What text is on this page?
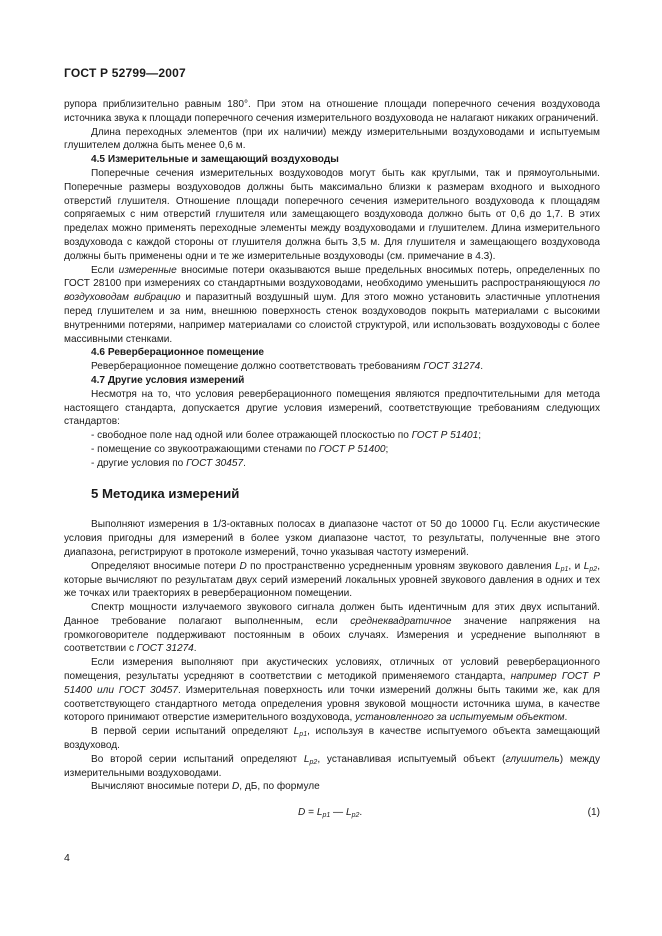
ГОСТ Р 52799—2007

рупора приблизительно равным 180°. При этом на отношение площади поперечного сечения воздуховода источника звука к площади поперечного сечения измерительного воздуховода не налагают никаких ограничений.

Длина переходных элементов (при их наличии) между измерительными воздуховодами и испытуемым глушителем должна быть менее 0,6 м.

4.5 Измерительные и замещающий воздуховоды

Поперечные сечения измерительных воздуховодов могут быть как круглыми, так и прямоугольными. Поперечные размеры воздуховодов должны быть максимально близки к размерам входного и выходного отверстий глушителя. Отношение площади поперечного сечения измерительного воздуховода к площадям сопрягаемых с ним отверстий глушителя или замещающего воздуховода должно быть от 0,6 до 1,7. В этих пределах можно применять переходные элементы между воздуховодами и глушителем. Длина измерительного воздуховода с каждой стороны от глушителя должна быть 3,5 м. Для глушителя и замещающего воздуховода должны быть применены одни и те же измерительные воздуховоды (см. примечание в 4.3).

Если измеренные вносимые потери оказываются выше предельных вносимых потерь, определенных по ГОСТ 28100 при измерениях со стандартными воздуховодами, необходимо уменьшить распространяющуюся по воздуховодам вибрацию и паразитный воздушный шум. Для этого можно установить эластичные уплотнения перед глушителем и за ним, внешнюю поверхность стенок воздуховодов покрыть материалами с высокими внутренними потерями, например материалами со слоистой структурой, или использовать воздуховоды с более массивными стенками.

4.6 Реверберационное помещение

Реверберационное помещение должно соответствовать требованиям ГОСТ 31274.

4.7 Другие условия измерений

Несмотря на то, что условия реверберационного помещения являются предпочтительными для метода настоящего стандарта, допускается другие условия измерений, соответствующие требованиям следующих стандартов:

- свободное поле над одной или более отражающей плоскостью по ГОСТ Р 51401;

- помещение со звукоотражающими стенами по ГОСТ Р 51400;

- другие условия по ГОСТ 30457.

5 Методика измерений

Выполняют измерения в 1/3-октавных полосах в диапазоне частот от 50 до 10000 Гц. Если акустические условия пригодны для измерений в более узком диапазоне частот, то результаты, полученные вне этого диапазона, регистрируют в протоколе измерений, точно указывая частоту измерений.

Определяют вносимые потери D по пространственно усредненным уровням звукового давления $L_{p1}$, и $L_{p2}$, которые вычисляют по результатам двух серий измерений локальных уровней звукового давления в одних и тех же точках или траекториях в реверберационном помещении.

Спектр мощности излучаемого звукового сигнала должен быть идентичным для этих двух испытаний. Данное требование полагают выполненным, если среднеквадратичное значение напряжения на громкоговорителе поддерживают постоянным в обоих случаях. Измерения и усреднение выполняют в соответствии с ГОСТ 31274.

Если измерения выполняют при акустических условиях, отличных от условий реверберационного помещения, результаты усредняют в соответствии с методикой применяемого стандарта, например ГОСТ Р 51400 или ГОСТ 30457. Измерительная поверхность или точки измерений должны быть такими же, как для соответствующего стандартного метода определения уровня звуковой мощности источника шума, в качестве которого принимают отверстие измерительного воздуховода, установленного за испытуемым объектом.

В первой серии испытаний определяют $L_{p1}$, используя в качестве испытуемого объекта замещающий воздуховод.

Во второй серии испытаний определяют $L_{p2}$, устанавливая испытуемый объект (глушитель) между измерительными воздуховодами.

Вычисляют вносимые потери D, дБ, по формуле

$D = L_{p1}$ — $L_{p2}$.	(1)

4
